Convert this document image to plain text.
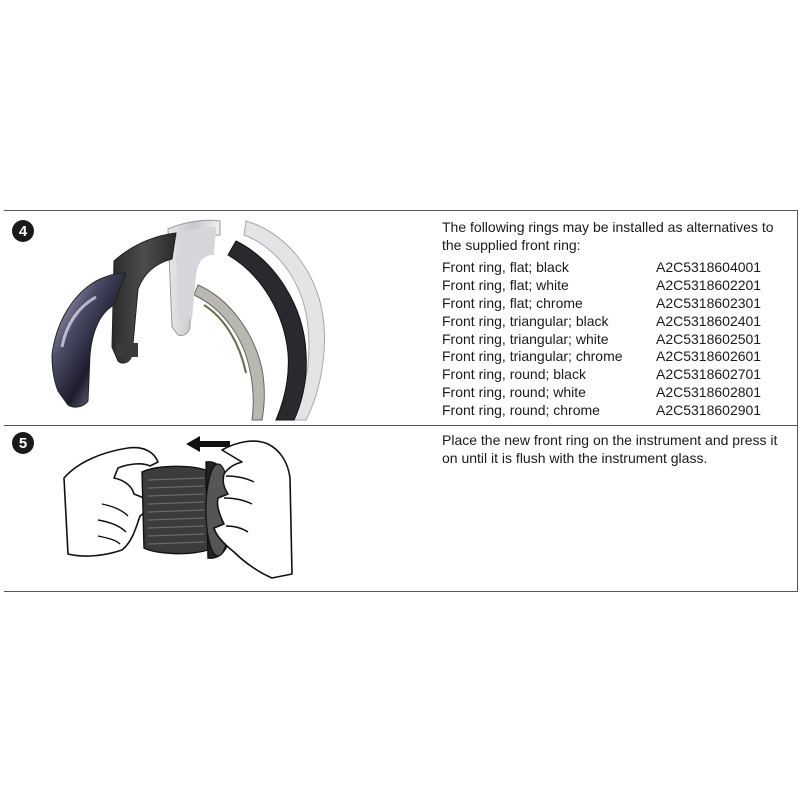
4	The following rings may be installed as alternatives to the supplied front ring:
Front ring, flat; black	A2C5318604001
Front ring, flat; white	A2C5318602201
Front ring, flat; chrome	A2C5318602301
Front ring, triangular; black	A2C5318602401
Front ring, triangular; white	A2C5318602501
Front ring, triangular; chrome	A2C5318602601
Front ring, round; black	A2C5318602701
Front ring, round; white	A2C5318602801
Front ring, round; chrome	A2C5318602901
5	Place the new front ring on the instrument and press it on until it is flush with the instrument glass.
